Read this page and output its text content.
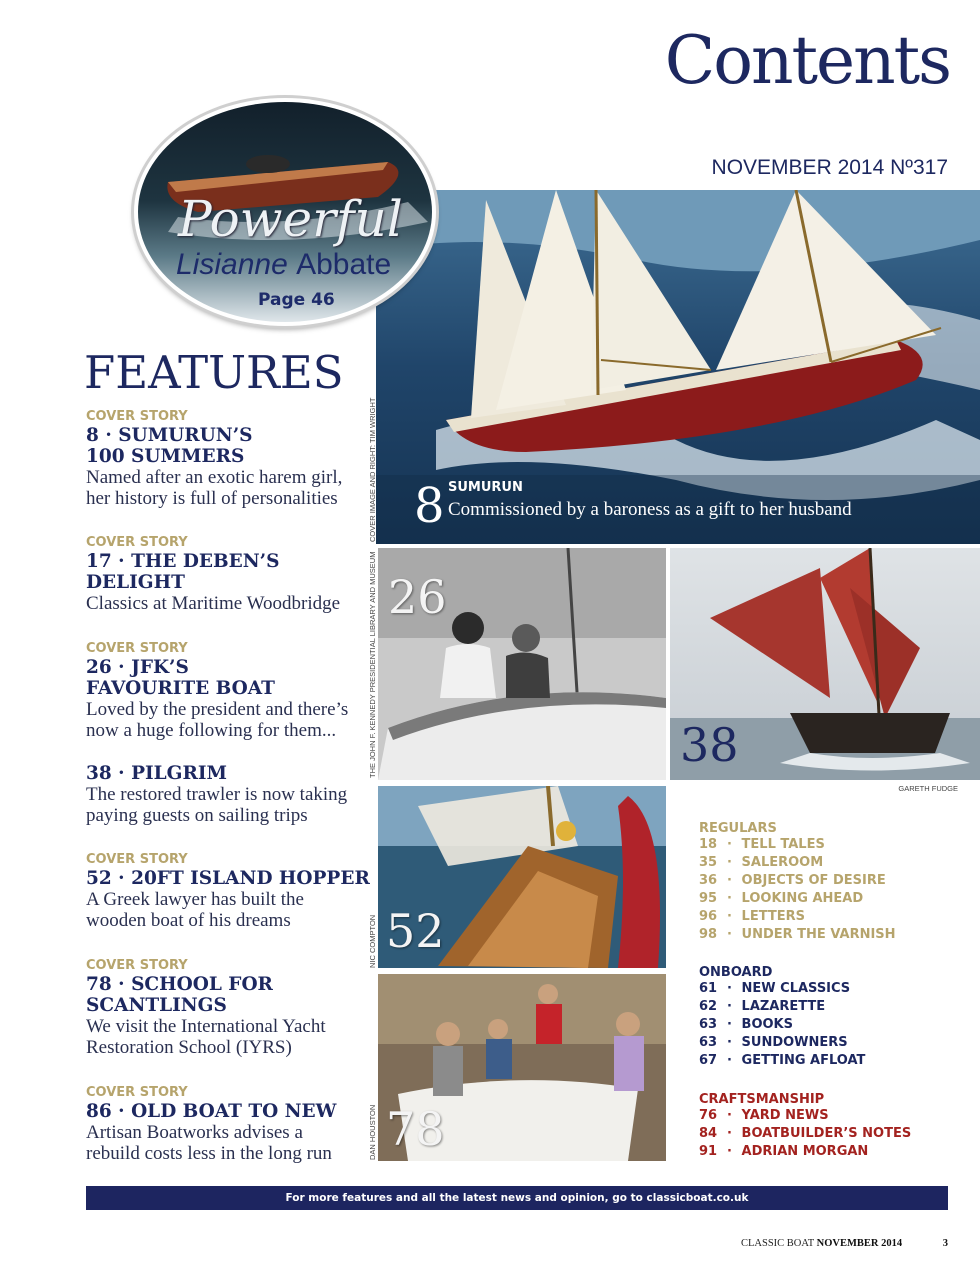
Contents
NOVEMBER 2014 Nº317
8 SUMURUN
Commissioned by a baroness as a gift to her husband
Powerful
Lisianne Abbate
Page 46
FEATURES
COVER STORY
8 · SUMURUN’S
100 SUMMERS
Named after an exotic harem girl,
her history is full of personalities
COVER STORY
17 · THE DEBEN’S
DELIGHT
Classics at Maritime Woodbridge
COVER STORY
26 · JFK’S
FAVOURITE BOAT
Loved by the president and there’s
now a huge following for them...
38 · PILGRIM
The restored trawler is now taking
paying guests on sailing trips
COVER STORY
52 · 20FT ISLAND HOPPER
A Greek lawyer has built the
wooden boat of his dreams
COVER STORY
78 · SCHOOL FOR
SCANTLINGS
We visit the International Yacht
Restoration School (IYRS)
COVER STORY
86 · OLD BOAT TO NEW
Artisan Boatworks advises a
rebuild costs less in the long run
COVER IMAGE AND RIGHT: TIM WRIGHT
THE JOHN F. KENNEDY PRESIDENTIAL LIBRARY AND MUSEUM
NIC COMPTON
DAN HOUSTON
26
38
GARETH FUDGE
52
78
REGULARS
18 · TELL TALES
35 · SALEROOM
36 · OBJECTS OF DESIRE
95 · LOOKING AHEAD
96 · LETTERS
98 · UNDER THE VARNISH
ONBOARD
61 · NEW CLASSICS
62 · LAZARETTE
63 · BOOKS
63 · SUNDOWNERS
67 · GETTING AFLOAT
CRAFTSMANSHIP
76 · YARD NEWS
84 · BOATBUILDER’S NOTES
91 · ADRIAN MORGAN
For more features and all the latest news and opinion, go to classicboat.co.uk
CLASSIC BOAT NOVEMBER 2014	3
